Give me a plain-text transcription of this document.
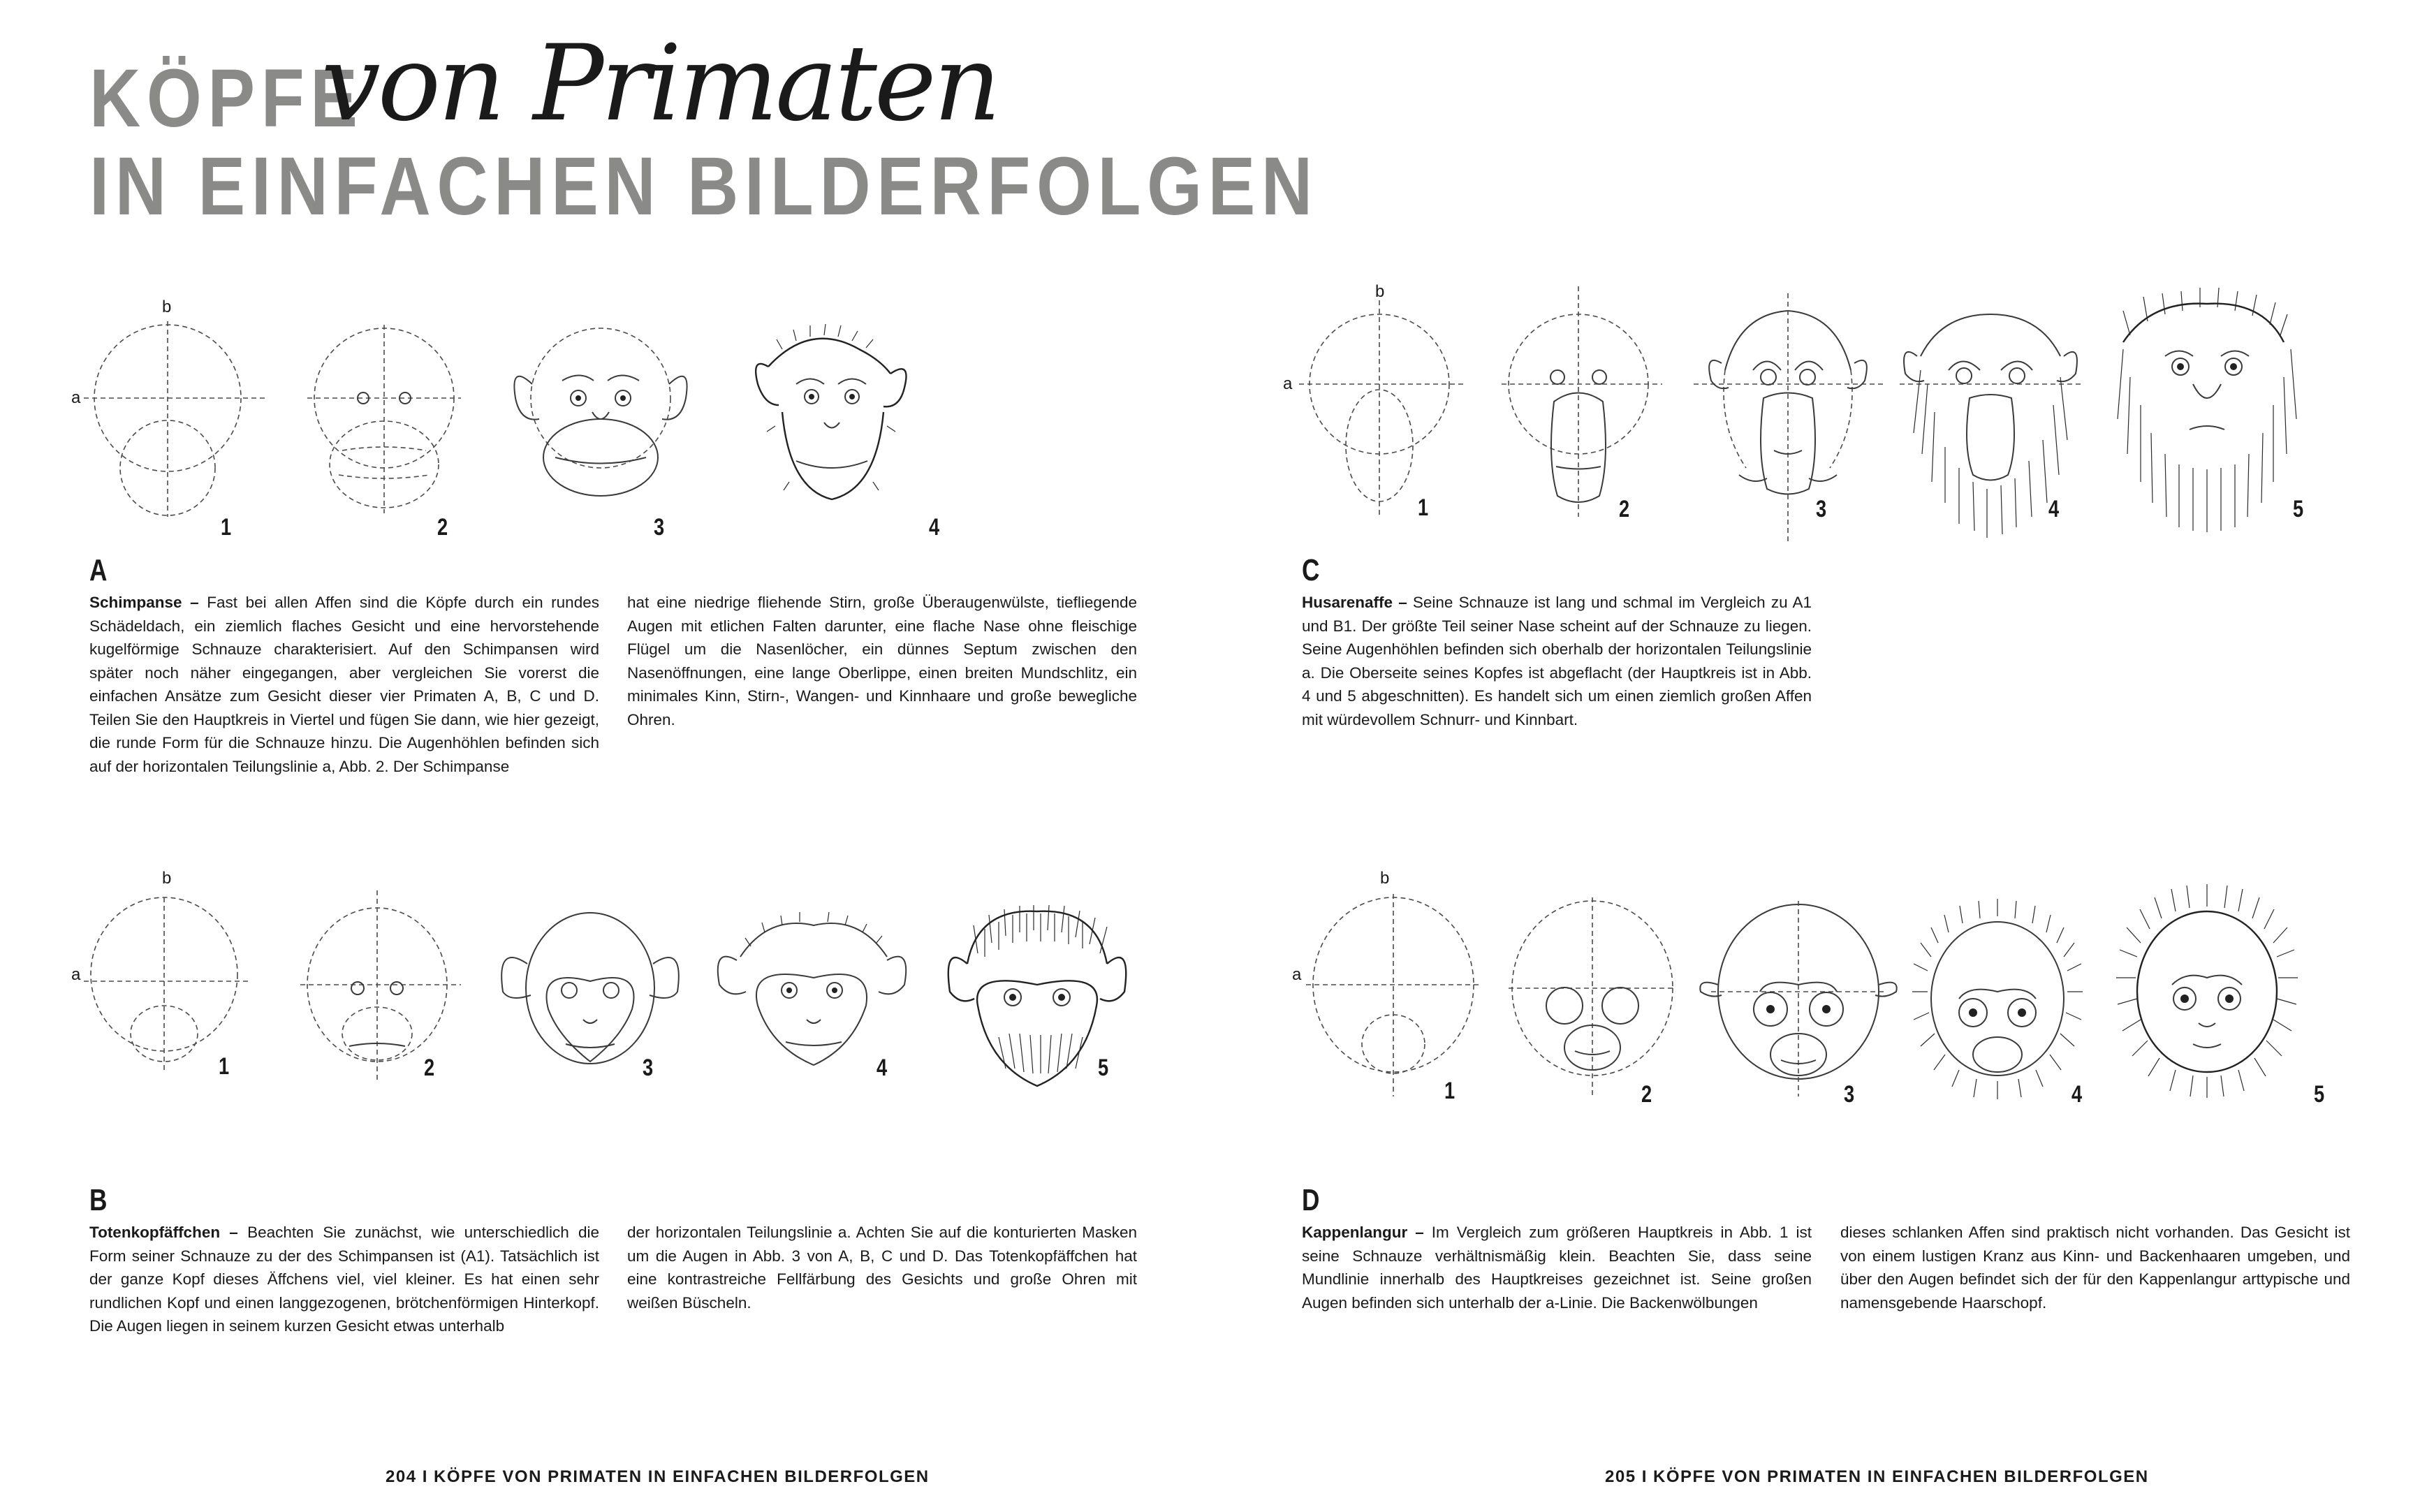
KÖPFE
von Primaten
IN EINFACHEN BILDERFOLGEN
a
b
1	2	3	4
A
Schimpanse – Fast bei allen Affen sind die Köpfe durch ein rundes Schädeldach, ein ziemlich flaches Gesicht und eine hervorstehende kugelförmige Schnauze charakterisiert. Auf den Schimpansen wird später noch näher eingegangen, aber vergleichen Sie vorerst die einfachen Ansätze zum Gesicht dieser vier Primaten A, B, C und D. Teilen Sie den Hauptkreis in Viertel und fügen Sie dann, wie hier gezeigt, die runde Form für die Schnauze hinzu. Die Augenhöhlen befinden sich auf der horizontalen Teilungslinie a, Abb. 2. Der Schimpanse
hat eine niedrige fliehende Stirn, große Überaugenwülste, tiefliegende Augen mit etlichen Falten darunter, eine flache Nase ohne fleischige Flügel um die Nasenlöcher, ein dünnes Septum zwischen den Nasenöffnungen, eine lange Oberlippe, einen breiten Mundschlitz, ein minimales Kinn, Stirn-, Wangen- und Kinnhaare und große bewegliche Ohren.
a
b
1	2	3	4	5
B
Totenkopfäffchen – Beachten Sie zunächst, wie unterschiedlich die Form seiner Schnauze zu der des Schimpansen ist (A1). Tatsächlich ist der ganze Kopf dieses Äffchens viel, viel kleiner. Es hat einen sehr rundlichen Kopf und einen langgezogenen, brötchenförmigen Hinterkopf. Die Augen liegen in seinem kurzen Gesicht etwas unterhalb
der horizontalen Teilungslinie a. Achten Sie auf die konturierten Masken um die Augen in Abb. 3 von A, B, C und D. Das Totenkopfäffchen hat eine kontrastreiche Fellfärbung des Gesichts und große Ohren mit weißen Büscheln.
a
b
1	2	3	4	5
C
Husarenaffe – Seine Schnauze ist lang und schmal im Vergleich zu A1 und B1. Der größte Teil seiner Nase scheint auf der Schnauze zu liegen. Seine Augenhöhlen befinden sich oberhalb der horizontalen Teilungslinie a. Die Oberseite seines Kopfes ist abgeflacht (der Hauptkreis ist in Abb. 4 und 5 abgeschnitten). Es handelt sich um einen ziemlich großen Affen mit würdevollem Schnurr- und Kinnbart.
a
b
1	2	3	4	5
D
Kappenlangur – Im Vergleich zum größeren Hauptkreis in Abb. 1 ist seine Schnauze verhältnismäßig klein. Beachten Sie, dass seine Mundlinie innerhalb des Hauptkreises gezeichnet ist. Seine großen Augen befinden sich unterhalb der a-Linie. Die Backenwölbungen
dieses schlanken Affen sind praktisch nicht vorhanden. Das Gesicht ist von einem lustigen Kranz aus Kinn- und Backenhaaren umgeben, und über den Augen befindet sich der für den Kappenlangur arttypische und namensgebende Haarschopf.
204 I KÖPFE VON PRIMATEN IN EINFACHEN BILDERFOLGEN	205 I KÖPFE VON PRIMATEN IN EINFACHEN BILDERFOLGEN
